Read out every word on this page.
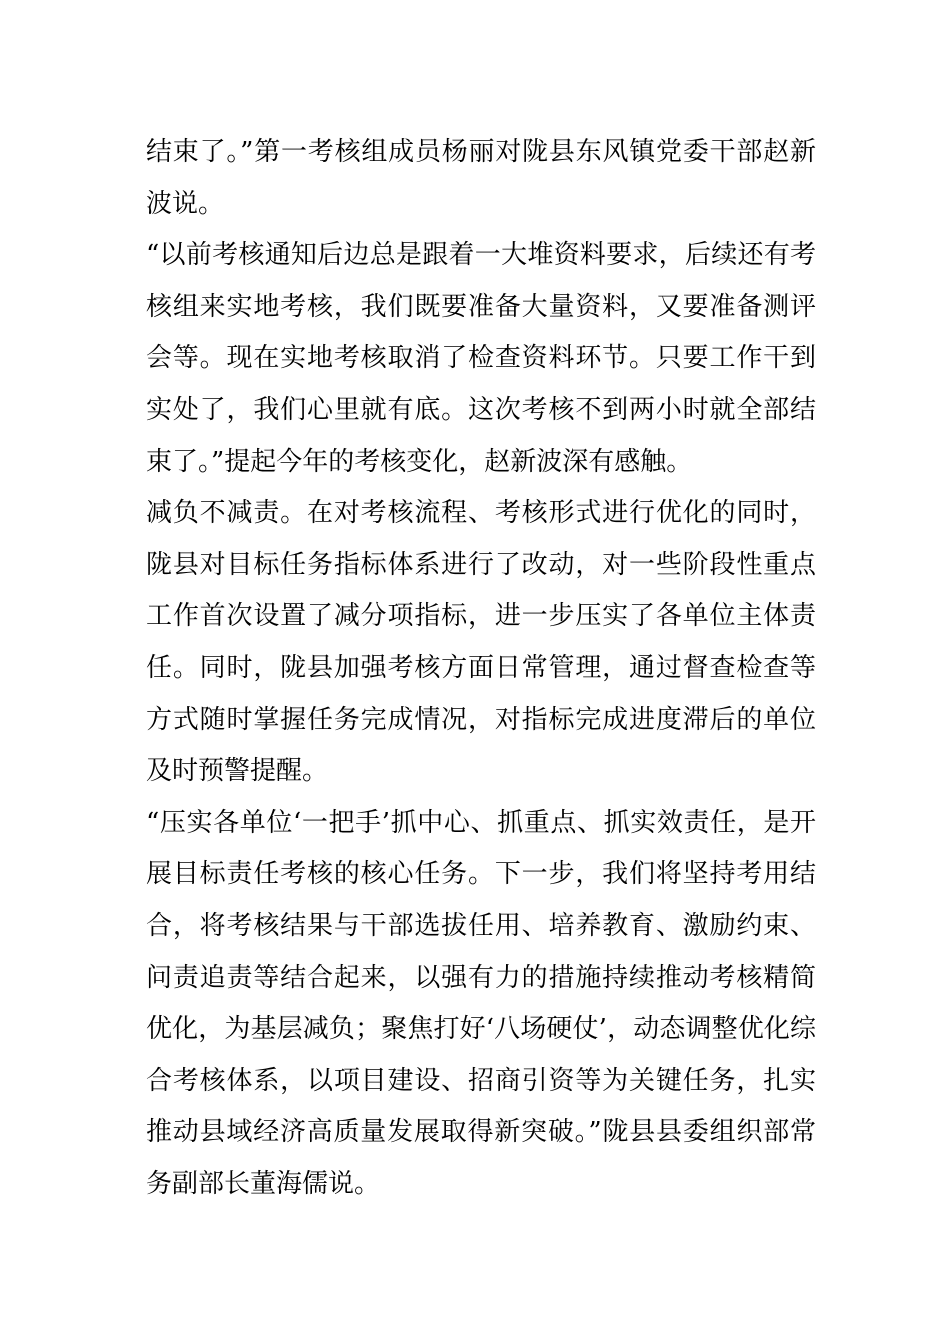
结束了。”第一考核组成员杨丽对陇县东风镇党委干部赵新波说。

“以前考核通知后边总是跟着一大堆资料要求，后续还有考核组来实地考核，我们既要准备大量资料，又要准备测评会等。现在实地考核取消了检查资料环节。只要工作干到实处了，我们心里就有底。这次考核不到两小时就全部结束了。”提起今年的考核变化，赵新波深有感触。

减负不减责。在对考核流程、考核形式进行优化的同时，陇县对目标任务指标体系进行了改动，对一些阶段性重点工作首次设置了减分项指标，进一步压实了各单位主体责任。同时，陇县加强考核方面日常管理，通过督查检查等方式随时掌握任务完成情况，对指标完成进度滞后的单位及时预警提醒。

“压实各单位‘一把手’抓中心、抓重点、抓实效责任，是开展目标责任考核的核心任务。下一步，我们将坚持考用结合，将考核结果与干部选拔任用、培养教育、激励约束、问责追责等结合起来，以强有力的措施持续推动考核精简优化，为基层减负；聚焦打好‘八场硬仗’，动态调整优化综合考核体系，以项目建设、招商引资等为关键任务，扎实推动县域经济高质量发展取得新突破。”陇县县委组织部常务副部长董海儒说。
